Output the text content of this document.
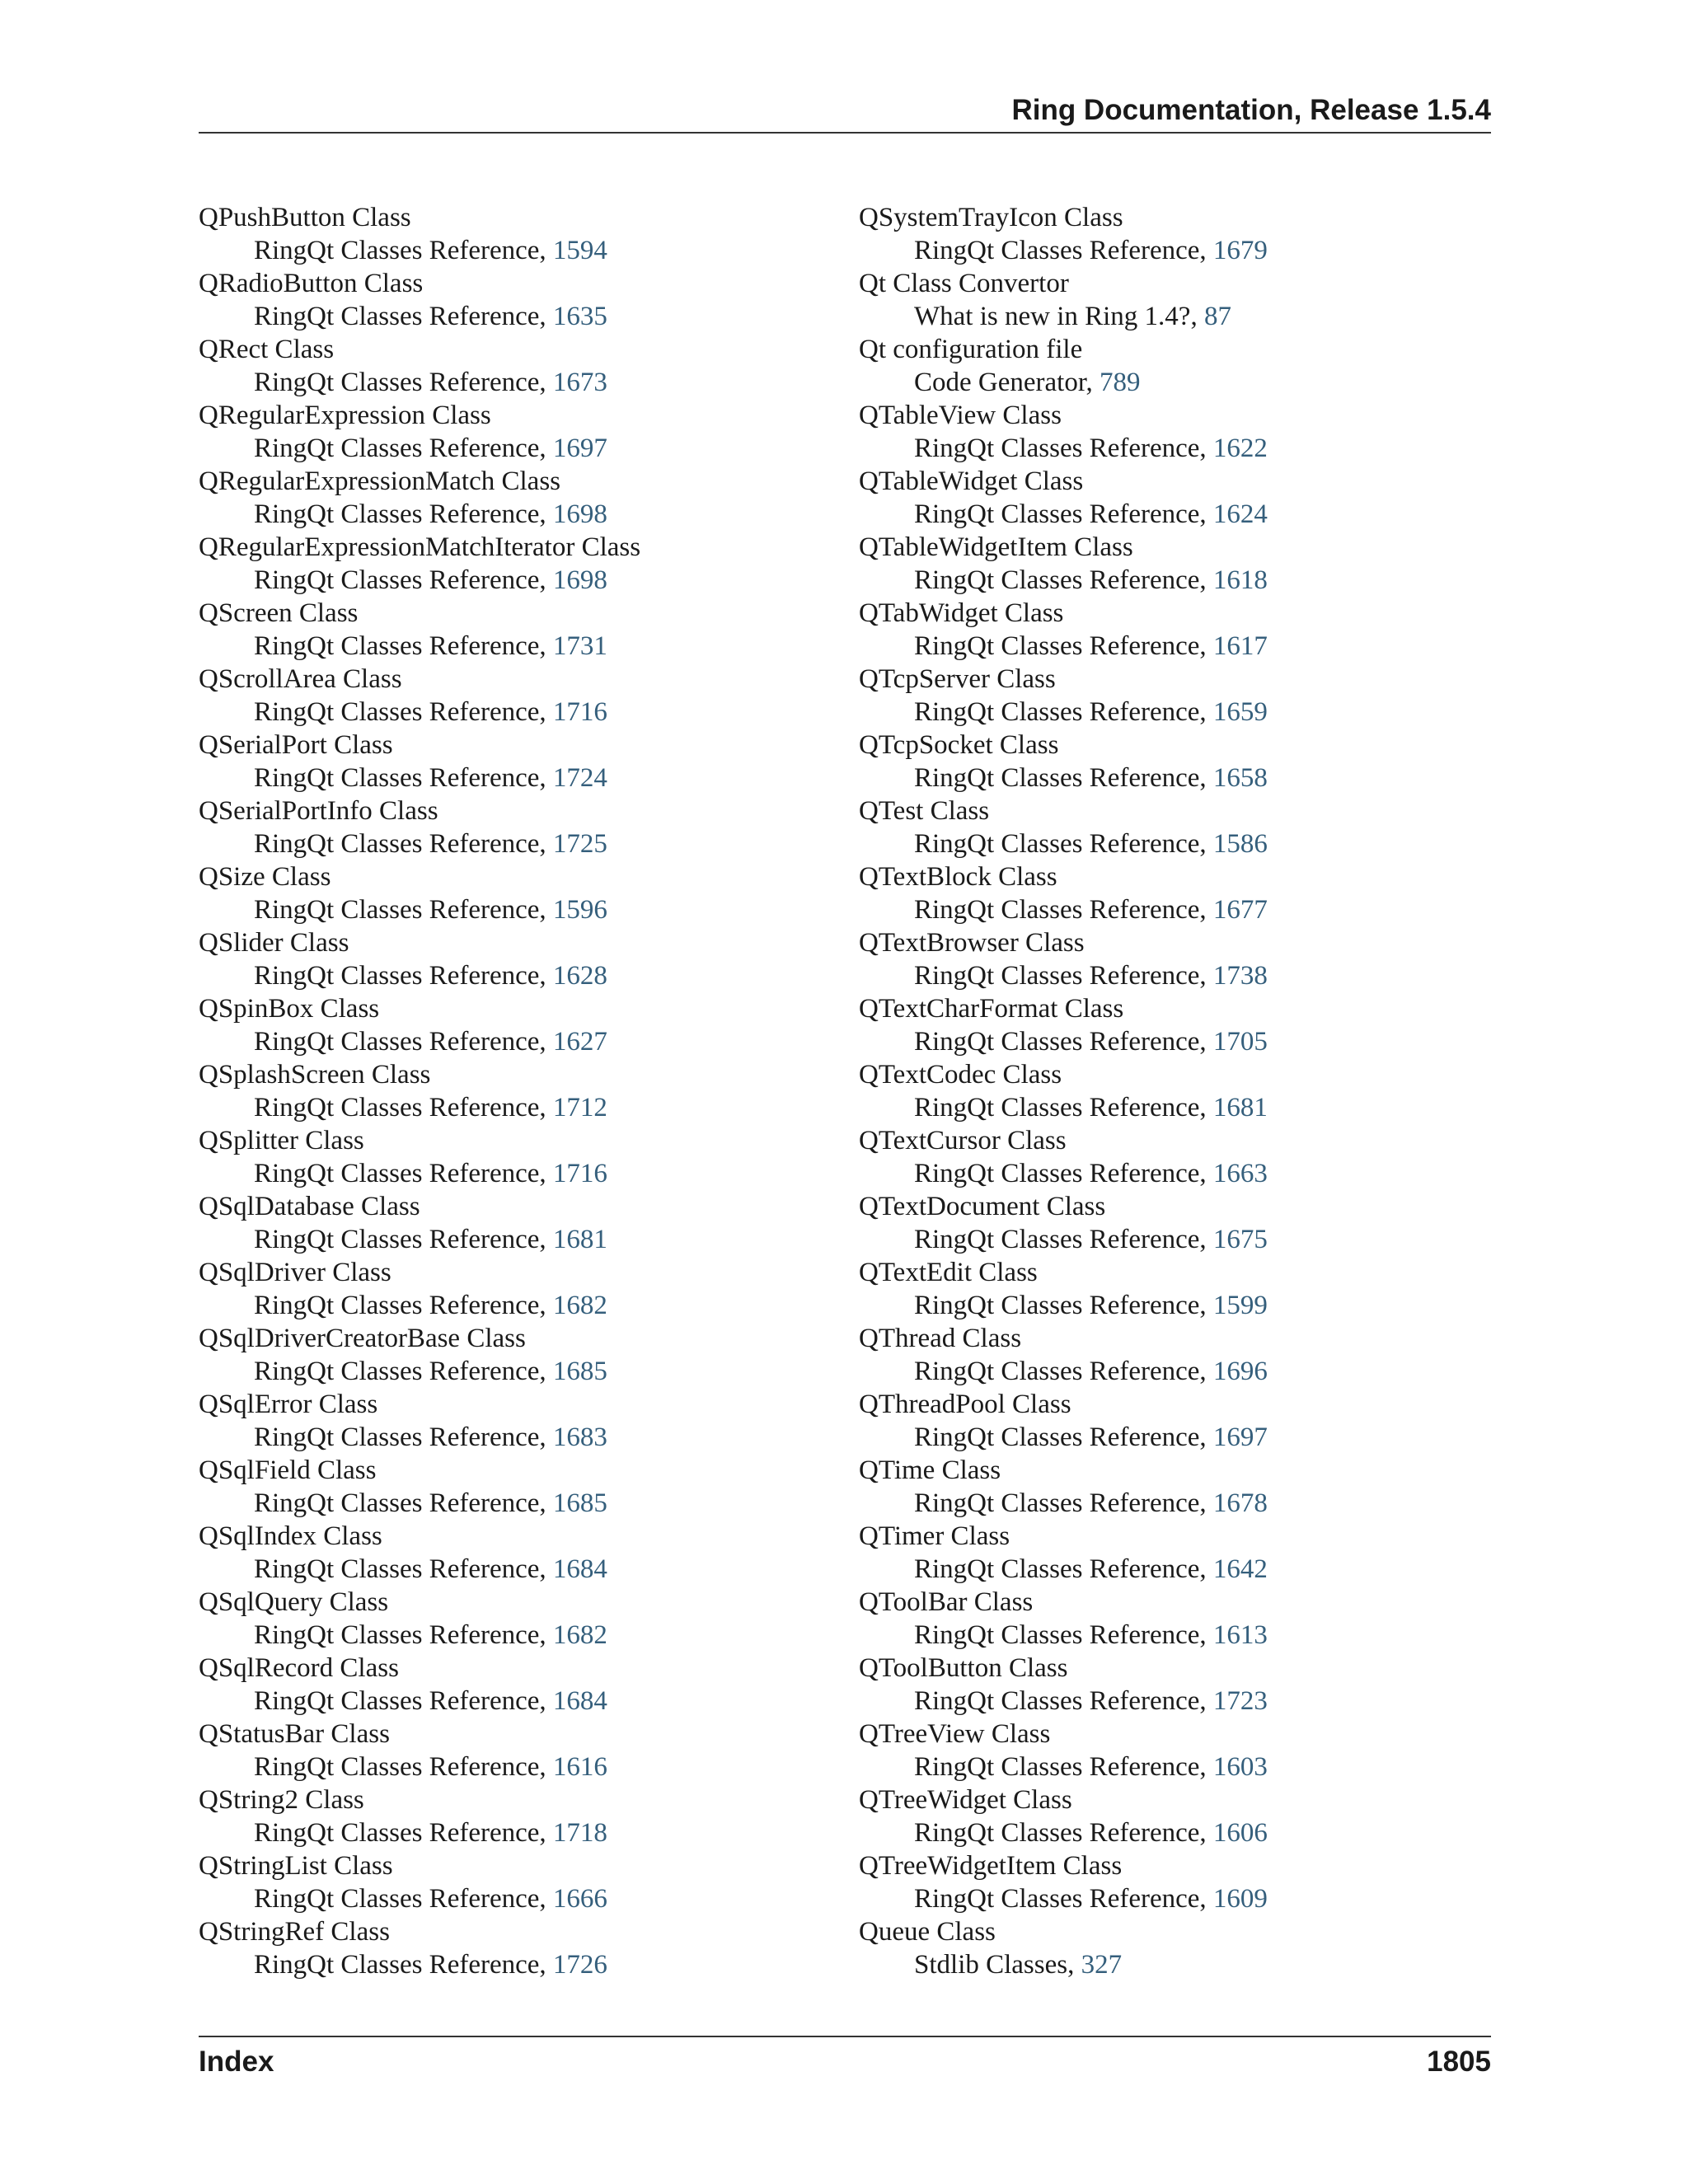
Ring Documentation, Release 1.5.4
QPushButton Class
RingQt Classes Reference, 1594
QRadioButton Class
RingQt Classes Reference, 1635
QRect Class
RingQt Classes Reference, 1673
QRegularExpression Class
RingQt Classes Reference, 1697
QRegularExpressionMatch Class
RingQt Classes Reference, 1698
QRegularExpressionMatchIterator Class
RingQt Classes Reference, 1698
QScreen Class
RingQt Classes Reference, 1731
QScrollArea Class
RingQt Classes Reference, 1716
QSerialPort Class
RingQt Classes Reference, 1724
QSerialPortInfo Class
RingQt Classes Reference, 1725
QSize Class
RingQt Classes Reference, 1596
QSlider Class
RingQt Classes Reference, 1628
QSpinBox Class
RingQt Classes Reference, 1627
QSplashScreen Class
RingQt Classes Reference, 1712
QSplitter Class
RingQt Classes Reference, 1716
QSqlDatabase Class
RingQt Classes Reference, 1681
QSqlDriver Class
RingQt Classes Reference, 1682
QSqlDriverCreatorBase Class
RingQt Classes Reference, 1685
QSqlError Class
RingQt Classes Reference, 1683
QSqlField Class
RingQt Classes Reference, 1685
QSqlIndex Class
RingQt Classes Reference, 1684
QSqlQuery Class
RingQt Classes Reference, 1682
QSqlRecord Class
RingQt Classes Reference, 1684
QStatusBar Class
RingQt Classes Reference, 1616
QString2 Class
RingQt Classes Reference, 1718
QStringList Class
RingQt Classes Reference, 1666
QStringRef Class
RingQt Classes Reference, 1726
QSystemTrayIcon Class
RingQt Classes Reference, 1679
Qt Class Convertor
What is new in Ring 1.4?, 87
Qt configuration file
Code Generator, 789
QTableView Class
RingQt Classes Reference, 1622
QTableWidget Class
RingQt Classes Reference, 1624
QTableWidgetItem Class
RingQt Classes Reference, 1618
QTabWidget Class
RingQt Classes Reference, 1617
QTcpServer Class
RingQt Classes Reference, 1659
QTcpSocket Class
RingQt Classes Reference, 1658
QTest Class
RingQt Classes Reference, 1586
QTextBlock Class
RingQt Classes Reference, 1677
QTextBrowser Class
RingQt Classes Reference, 1738
QTextCharFormat Class
RingQt Classes Reference, 1705
QTextCodec Class
RingQt Classes Reference, 1681
QTextCursor Class
RingQt Classes Reference, 1663
QTextDocument Class
RingQt Classes Reference, 1675
QTextEdit Class
RingQt Classes Reference, 1599
QThread Class
RingQt Classes Reference, 1696
QThreadPool Class
RingQt Classes Reference, 1697
QTime Class
RingQt Classes Reference, 1678
QTimer Class
RingQt Classes Reference, 1642
QToolBar Class
RingQt Classes Reference, 1613
QToolButton Class
RingQt Classes Reference, 1723
QTreeView Class
RingQt Classes Reference, 1603
QTreeWidget Class
RingQt Classes Reference, 1606
QTreeWidgetItem Class
RingQt Classes Reference, 1609
Queue Class
Stdlib Classes, 327
Index	1805
